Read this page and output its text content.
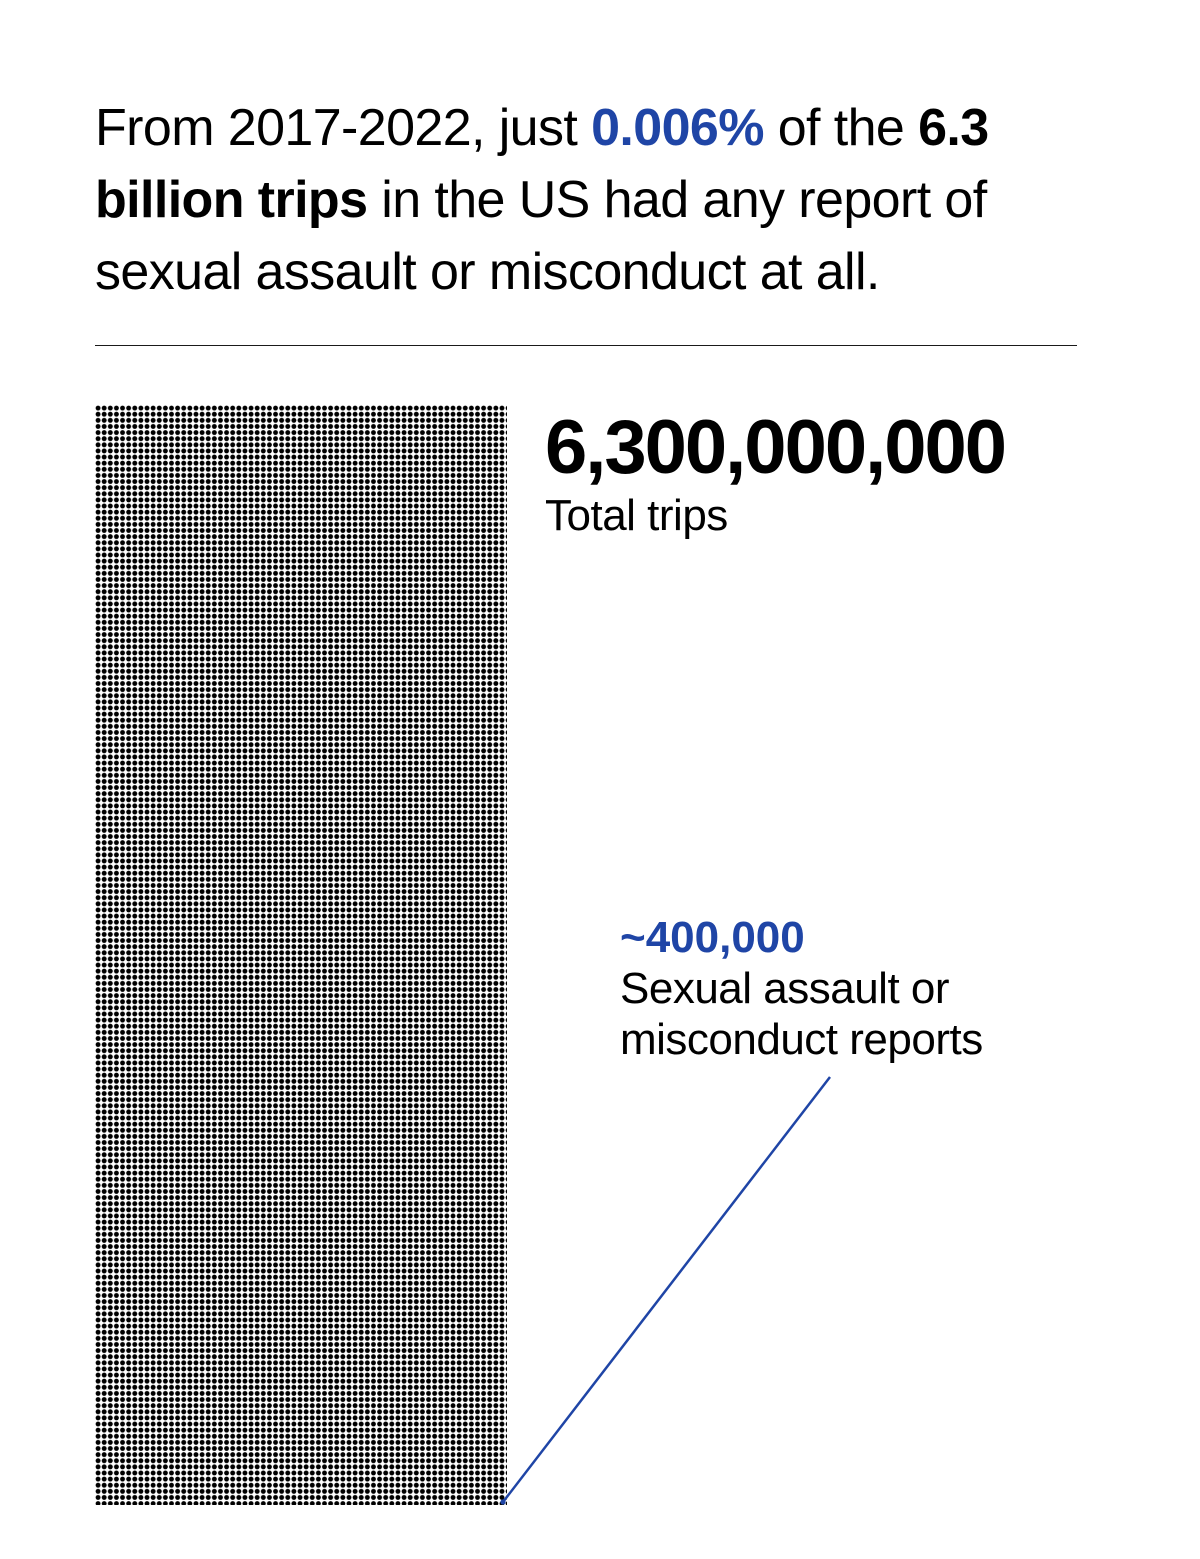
From 2017-2022, just 0.006% of the 6.3 billion trips in the US had any report of sexual assault or misconduct at all.

6,300,000,000

Total trips

~400,000

Sexual assault or misconduct reports
